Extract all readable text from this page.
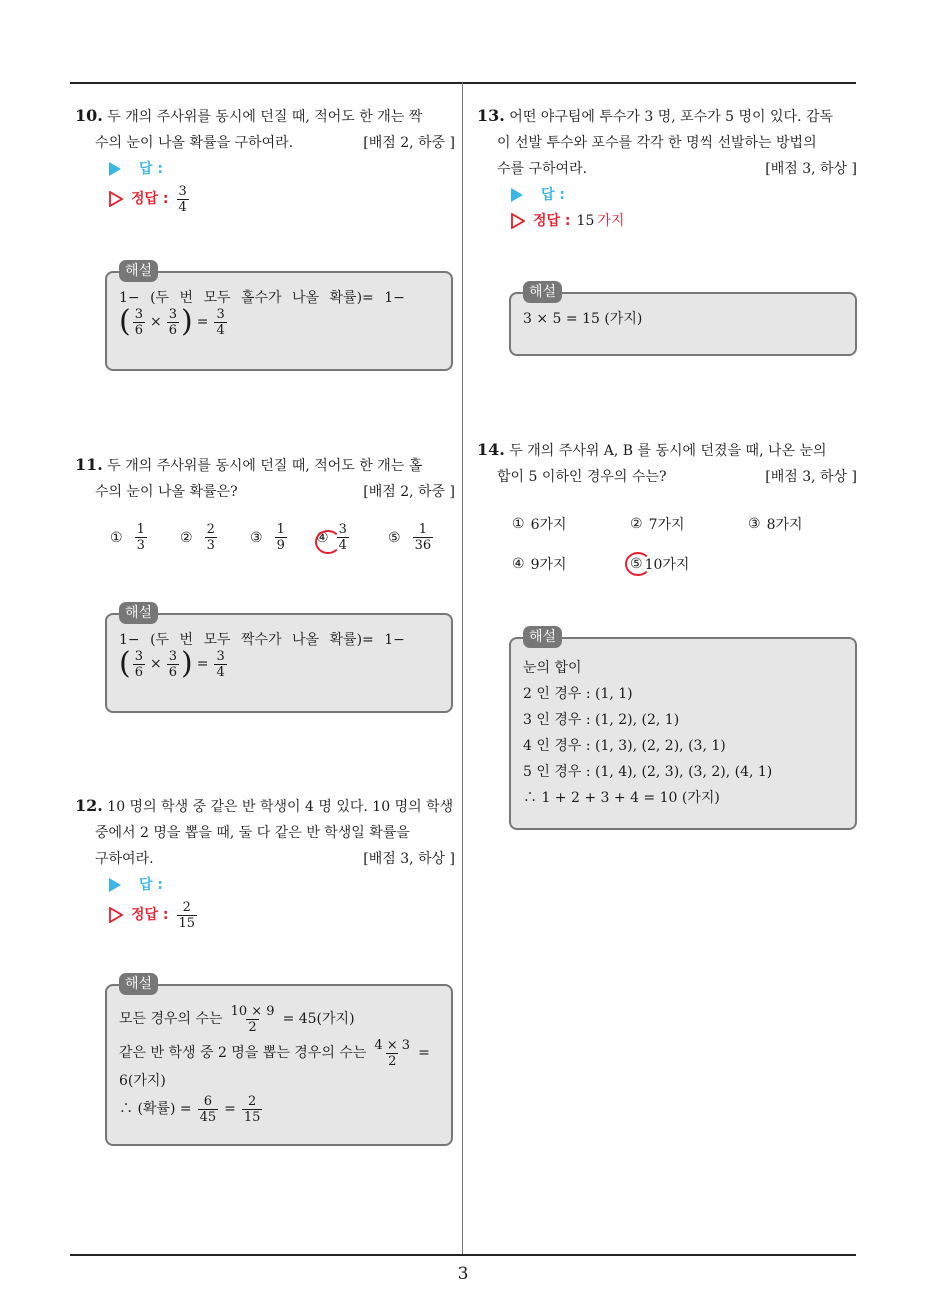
3
10. 두 개의 주사위를 동시에 던질 때, 적어도 한 개는 짝
수의 눈이 나올 확률을 구하여라.	[배점 2, 하중 ]
답 :
정답 : $\frac{3}{4}$
해설
1− (두 번 모두 홀수가 나올 확률)= 1−
( $\frac{3}{6} \times \frac{3}{6}$ ) = $\frac{3}{4}$
11. 두 개의 주사위를 동시에 던질 때, 적어도 한 개는 홀
수의 눈이 나올 확률은?	[배점 2, 하중 ]
① $\frac{1}{3}$ ② $\frac{2}{3}$ ③ $\frac{1}{9}$ ④ $\frac{3}{4}$	⑤ $\frac{1}{36}$
해설
1− (두 번 모두 짝수가 나올 확률)= 1−
( $\frac{3}{6} \times \frac{3}{6}$ ) = $\frac{3}{4}$
12. 10 명의 학생 중 같은 반 학생이 4 명 있다. 10 명의 학생
중에서 2 명을 뽑을 때, 둘 다 같은 반 학생일 확률을
구하여라.	[배점 3, 하상 ]
답 :
정답 : $\frac{2}{15}$
해설
모든 경우의 수는 $\frac{10 \times 9}{2} = 45$(가지)
같은 반 학생 중 2 명을 뽑는 경우의 수는 $\frac{4 \times 3}{2}$ =
6(가지)
∴ (확률) = $\frac{6}{45} = \frac{2}{15}$
13. 어떤 야구팀에 투수가 3 명, 포수가 5 명이 있다. 감독
이 선발 투수와 포수를 각각 한 명씩 선발하는 방법의
수를 구하여라.	[배점 3, 하상 ]
답 :
정답 : 15 가지
해설
3 × 5 = 15 (가지)
14. 두 개의 주사위 A, B 를 동시에 던졌을 때, 나온 눈의
합이 5 이하인 경우의 수는?	[배점 3, 하상 ]
① 6가지	② 7가지	③ 8가지
④ 9가지	⑤ 10가지
해설
눈의 합이
2 인 경우 : (1, 1)
3 인 경우 : (1, 2), (2, 1)
4 인 경우 : (1, 3), (2, 2), (3, 1)
5 인 경우 : (1, 4), (2, 3), (3, 2), (4, 1)
∴ 1 + 2 + 3 + 4 = 10 (가지)
